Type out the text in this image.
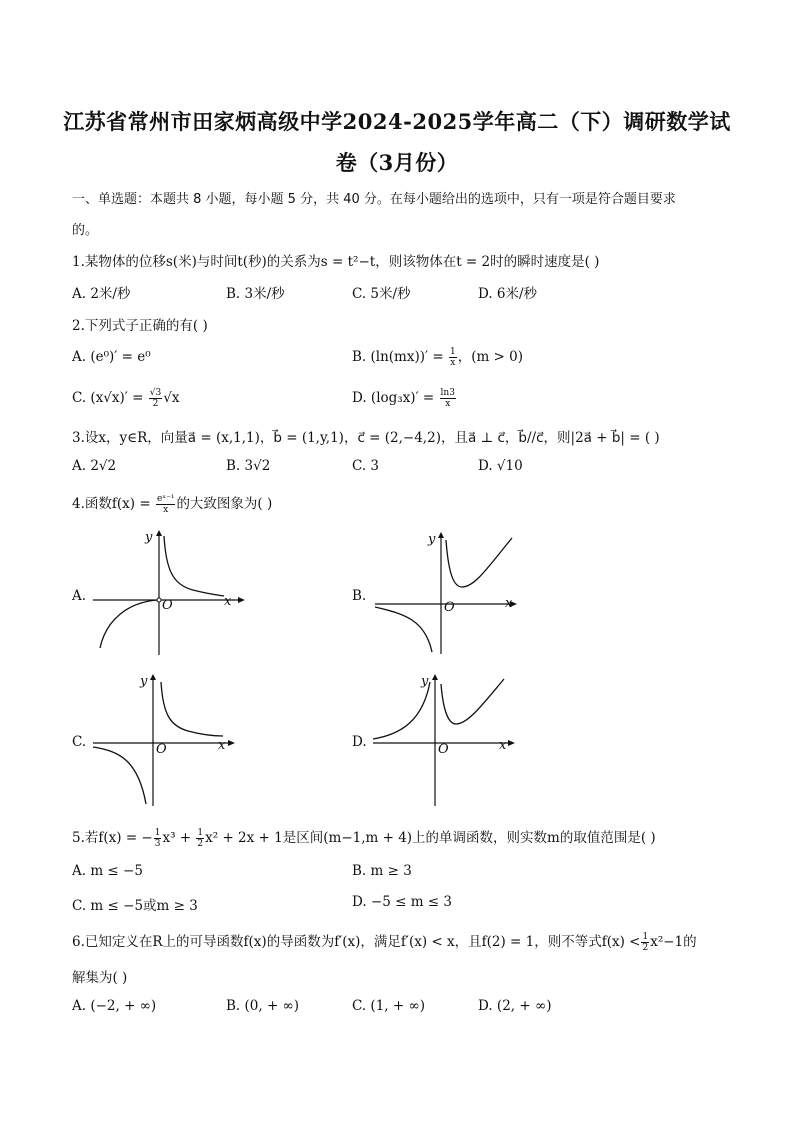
江苏省常州市田家炳高级中学2024-2025学年高二（下）调研数学试
卷（3月份）
一、单选题：本题共 8 小题，每小题 5 分，共 40 分。在每小题给出的选项中，只有一项是符合题目要求
的。
1.某物体的位移s(米)与时间t(秒)的关系为s = t²−t，则该物体在t = 2时的瞬时速度是( )
A. 2米/秒	B. 3米/秒	C. 5米/秒	D. 6米/秒
2.下列式子正确的有( )
A. (e⁰)′ = e⁰	B. $(\ln(mx))' = \frac{1}{x}$ ，(m > 0)
C. $(x√x)' = \frac{√3}{2} √x$	D. $(\log_3x)' = \frac{\ln 3}{x}$
3.设x，y∈R，向量a⃗ = (x,1,1)，b⃗ = (1,y,1)，c⃗ = (2,−4,2)，且a⃗ ⊥ c⃗，b⃗//c⃗，则|2a⃗ + b⃗| = ( )
A. 2√2	B. 3√2	C. 3	D. √10
4.函数$f(x) = \frac{\text{eˣ⁻¹}}{x}$ 的大致图象为( )
A.
y
x
O
B.
y
x
O
C.
y
x
O	D.
y
x
O
5.若f(x) = − $\frac{1}{3} x^3 + \frac{1}{2} x^2 + 2x + 1$是区间(m−1,m + 4)上的单调函数，则实数m的取值范围是( )
A. m ≤ −5	B. m ≥ 3
C. m ≤ −5或m ≥ 3	D. −5 ≤ m ≤ 3
6.已知定义在R上的可导函数f(x)的导函数为f′(x)，满足f′(x) < x，且f(2) = 1，则不等式$f(x) < \frac{1}{2} x^2-1$的
解集为( )
A. (−2, + ∞)	B. (0, + ∞)	C. (1, + ∞)	D. (2, + ∞)
